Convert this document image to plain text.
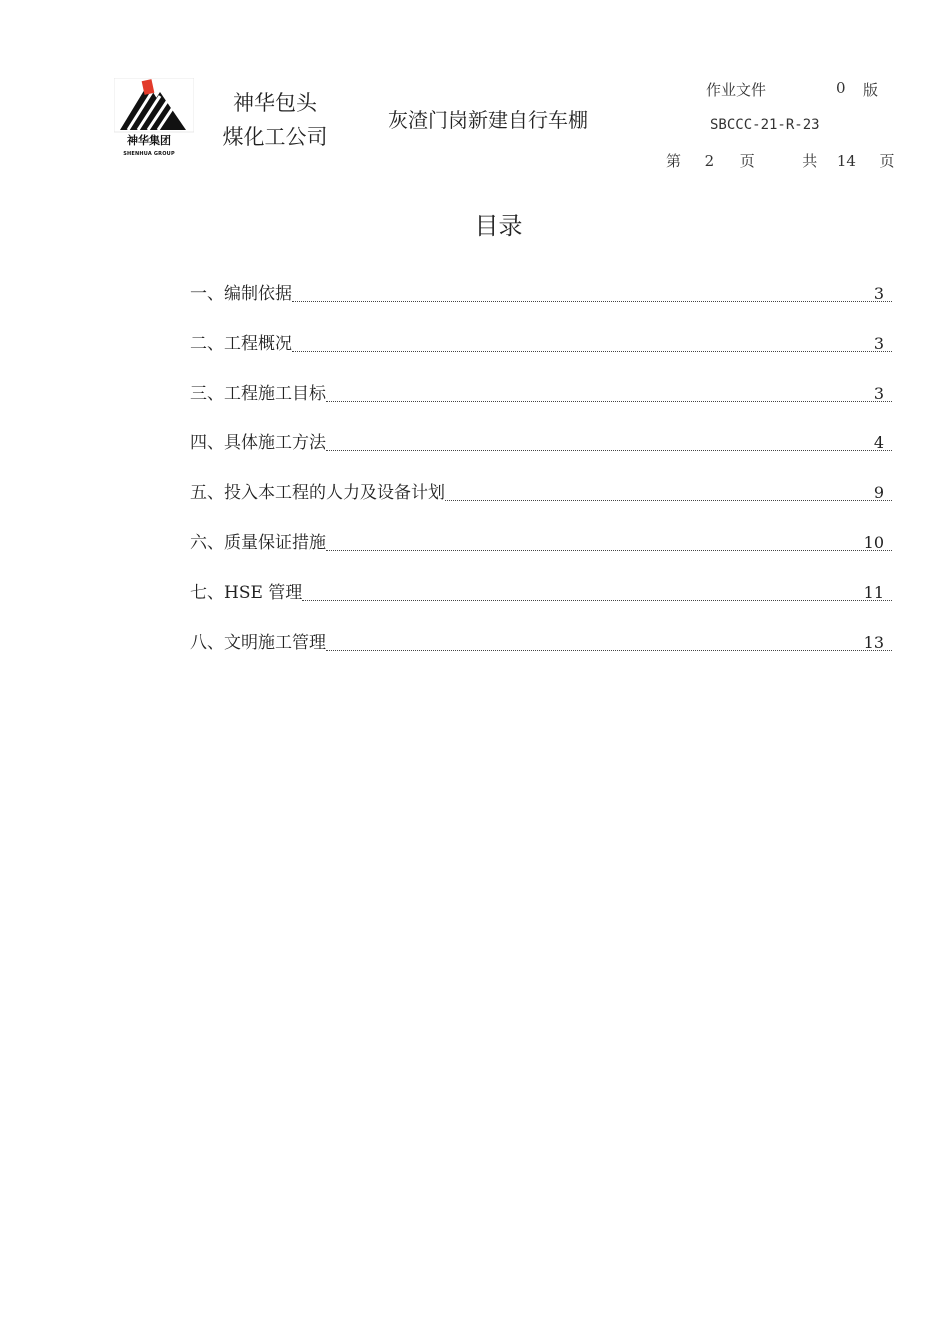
神华集团
SHENHUA GROUP
神华包头
煤化工公司
灰渣门岗新建自行车棚
作业文件	0 版
SBCCC-21-R-23
第 2 页	共 14 页
目录
一、编制依据	3
二、工程概况	3
三、工程施工目标	3
四、具体施工方法	4
五、投入本工程的人力及设备计划	9
六、质量保证措施	10
七、HSE 管理	11
八、文明施工管理	13
